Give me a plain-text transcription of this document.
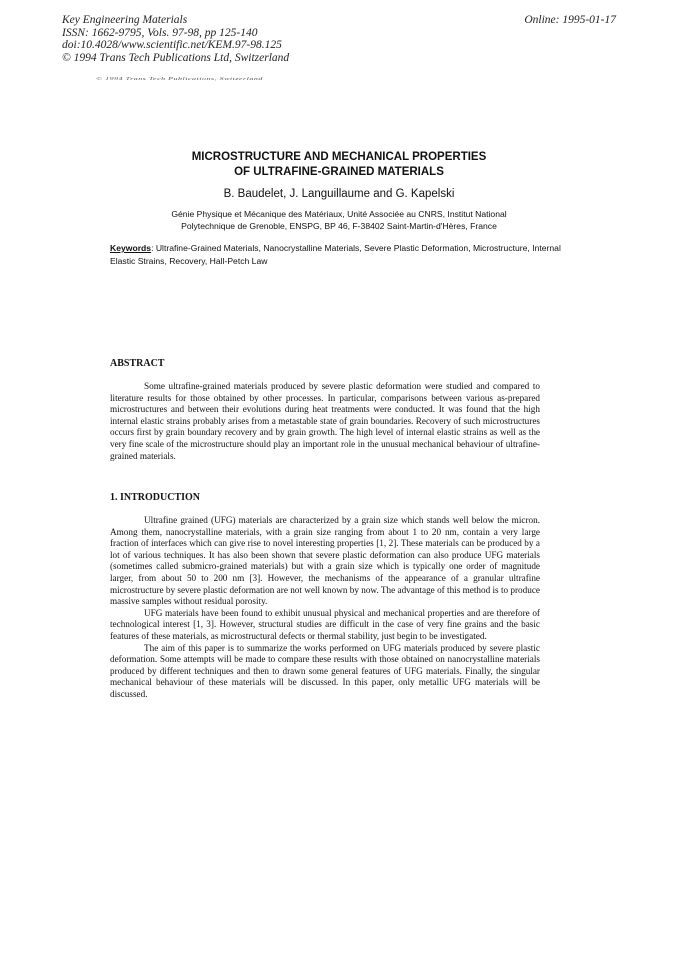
Key Engineering Materials
ISSN: 1662-9795, Vols. 97-98, pp 125-140
doi:10.4028/www.scientific.net/KEM.97-98.125
© 1994 Trans Tech Publications Ltd, Switzerland
Online: 1995-01-17
© 1994 Trans Tech Publications, Switzerland
MICROSTRUCTURE AND MECHANICAL PROPERTIES
OF ULTRAFINE-GRAINED MATERIALS
B. Baudelet, J. Languillaume and G. Kapelski
Génie Physique et Mécanique des Matériaux, Unité Associée au CNRS, Institut National
Polytechnique de Grenoble, ENSPG, BP 46, F-38402 Saint-Martin-d'Hères, France
Keywords: Ultrafine-Grained Materials, Nanocrystalline Materials, Severe Plastic Deformation, Microstructure, Internal Elastic Strains, Recovery, Hall-Petch Law
ABSTRACT

Some ultrafine-grained materials produced by severe plastic deformation were studied and compared to literature results for those obtained by other processes. In particular, comparisons between various as-prepared microstructures and between their evolutions during heat treatments were conducted. It was found that the high internal elastic strains probably arises from a metastable state of grain boundaries. Recovery of such microstructures occurs first by grain boundary recovery and by grain growth. The high level of internal elastic strains as well as the very fine scale of the microstructure should play an important role in the unusual mechanical behaviour of ultrafine-grained materials.

1. INTRODUCTION

Ultrafine grained (UFG) materials are characterized by a grain size which stands well below the micron. Among them, nanocrystalline materials, with a grain size ranging from about 1 to 20 nm, contain a very large fraction of interfaces which can give rise to novel interesting properties [1, 2]. These materials can be produced by a lot of various techniques. It has also been shown that severe plastic deformation can also produce UFG materials (sometimes called submicro-grained materials) but with a grain size which is typically one order of magnitude larger, from about 50 to 200 nm [3]. However, the mechanisms of the appearance of a granular ultrafine microstructure by severe plastic deformation are not well known by now. The advantage of this method is to produce massive samples without residual porosity.

UFG materials have been found to exhibit unusual physical and mechanical properties and are therefore of technological interest [1, 3]. However, structural studies are difficult in the case of very fine grains and the basic features of these materials, as microstructural defects or thermal stability, just begin to be investigated.

The aim of this paper is to summarize the works performed on UFG materials produced by severe plastic deformation. Some attempts will be made to compare these results with those obtained on nanocrystalline materials produced by different techniques and then to drawn some general features of UFG materials. Finally, the singular mechanical behaviour of these materials will be discussed. In this paper, only metallic UFG materials will be discussed.
